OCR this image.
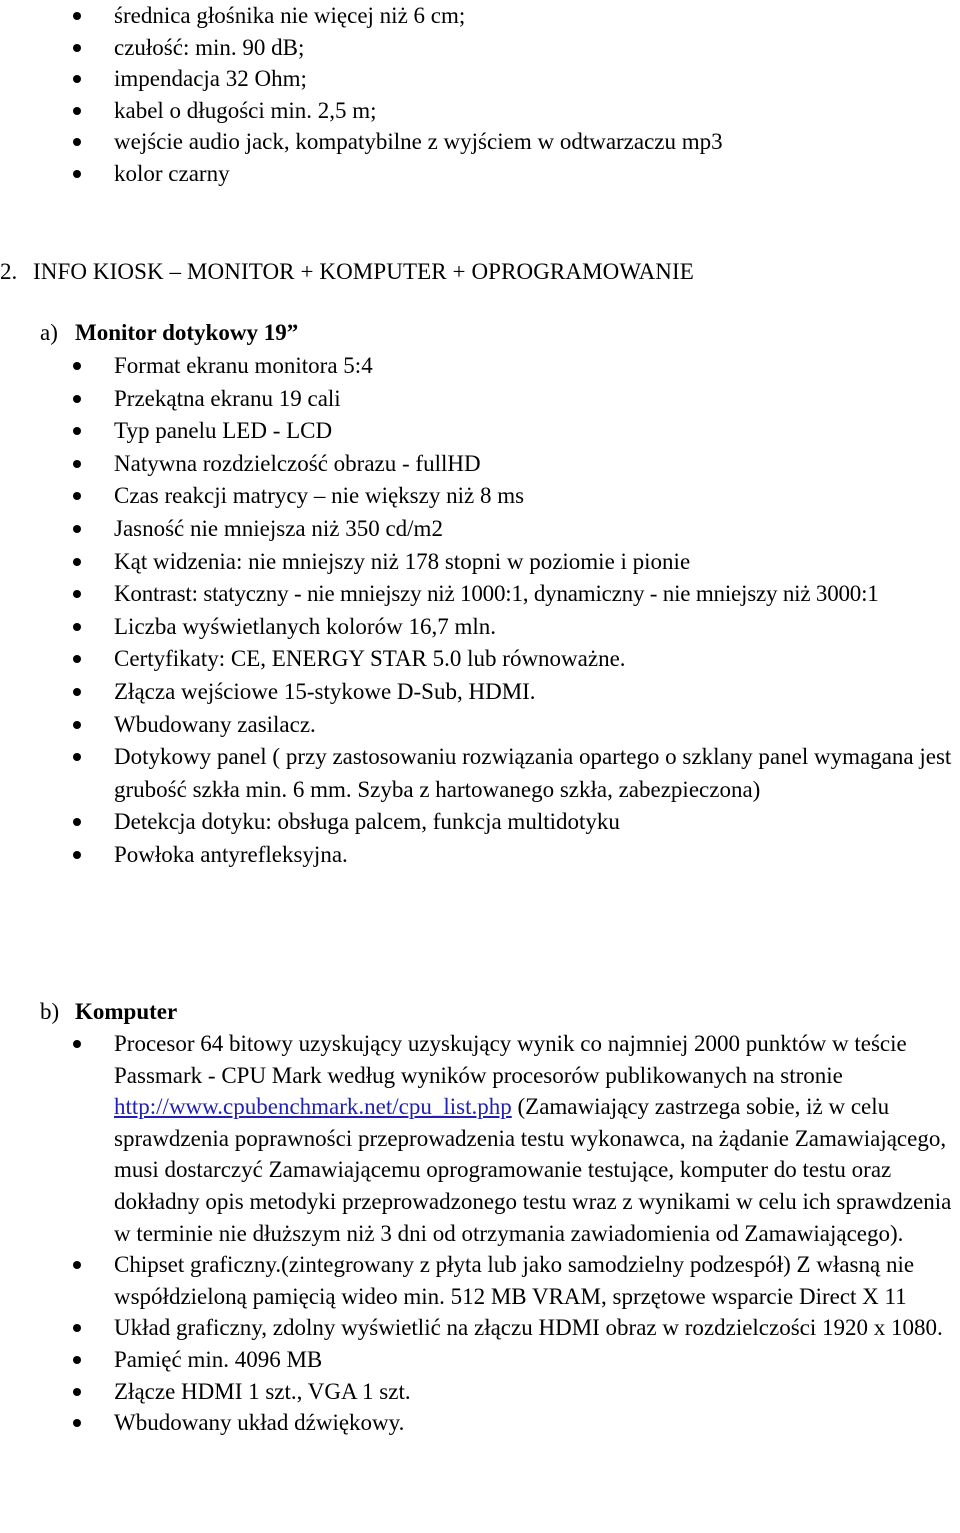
średnica głośnika nie więcej niż 6 cm;
czułość: min. 90 dB;
impendacja 32 Ohm;
kabel o długości min. 2,5 m;
wejście audio jack, kompatybilne z wyjściem w odtwarzaczu mp3
kolor czarny
2. INFO KIOSK – MONITOR + KOMPUTER + OPROGRAMOWANIE
a) Monitor dotykowy 19”
Format ekranu monitora 5:4
Przekątna ekranu 19 cali
Typ panelu LED - LCD
Natywna rozdzielczość obrazu - fullHD
Czas reakcji matrycy – nie większy niż 8 ms
Jasność nie mniejsza niż 350 cd/m2
Kąt widzenia: nie mniejszy niż 178 stopni w poziomie i pionie
Kontrast: statyczny - nie mniejszy niż 1000:1, dynamiczny - nie mniejszy niż 3000:1
Liczba wyświetlanych kolorów 16,7 mln.
Certyfikaty: CE, ENERGY STAR 5.0 lub równoważne.
Złącza wejściowe 15-stykowe D-Sub, HDMI.
Wbudowany zasilacz.
Dotykowy panel ( przy zastosowaniu rozwiązania opartego o szklany panel wymagana jest grubość szkła min. 6 mm. Szyba z hartowanego szkła, zabezpieczona)
Detekcja dotyku: obsługa palcem, funkcja multidotyku
Powłoka antyrefleksyjna.
b) Komputer
Procesor 64 bitowy uzyskujący uzyskujący wynik co najmniej 2000 punktów w teście Passmark - CPU Mark według wyników procesorów publikowanych na stronie http://www.cpubenchmark.net/cpu_list.php (Zamawiający zastrzega sobie, iż w celu sprawdzenia poprawności przeprowadzenia testu wykonawca, na żądanie Zamawiającego, musi dostarczyć Zamawiającemu oprogramowanie testujące, komputer do testu oraz dokładny opis metodyki przeprowadzonego testu wraz z wynikami w celu ich sprawdzenia w terminie nie dłuższym niż 3 dni od otrzymania zawiadomienia od Zamawiającego).
Chipset graficzny.(zintegrowany z płyta lub jako samodzielny podzespół) Z własną nie współdzieloną pamięcią wideo min. 512 MB VRAM, sprzętowe wsparcie Direct X 11
Układ graficzny, zdolny wyświetlić na złączu HDMI obraz w rozdzielczości 1920 x 1080.
Pamięć min. 4096 MB
Złącze HDMI 1 szt., VGA 1 szt.
Wbudowany układ dźwiękowy.
